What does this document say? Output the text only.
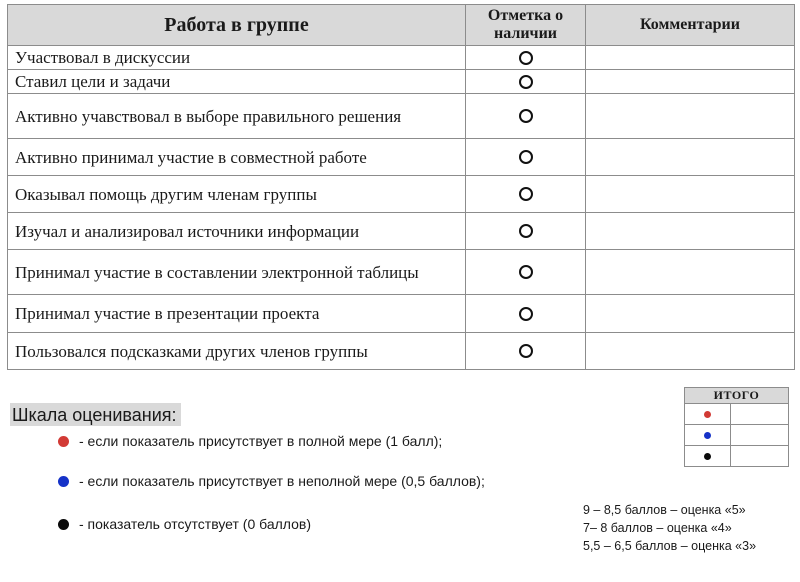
Работа в группе	Отметка о наличии	Комментарии
Участвовал в дискуссии		
Ставил цели и задачи		
Активно учавствовал в выборе правильного решения		
Активно принимал участие в совместной работе		
Оказывал помощь другим членам группы		
Изучал и анализировал источники информации		
Принимал участие в составлении электронной таблицы		
Принимал участие в презентации проекта		
Пользовался подсказками других членов группы		
ИТОГО	

Шкала оценивания:
- если показатель присутствует в полной мере (1 балл);
- если показатель присутствует в неполной мере (0,5 баллов);
- показатель отсутствует (0 баллов)
9 – 8,5 баллов – оценка «5»
7– 8 баллов – оценка «4»
5,5 – 6,5 баллов – оценка «3»
